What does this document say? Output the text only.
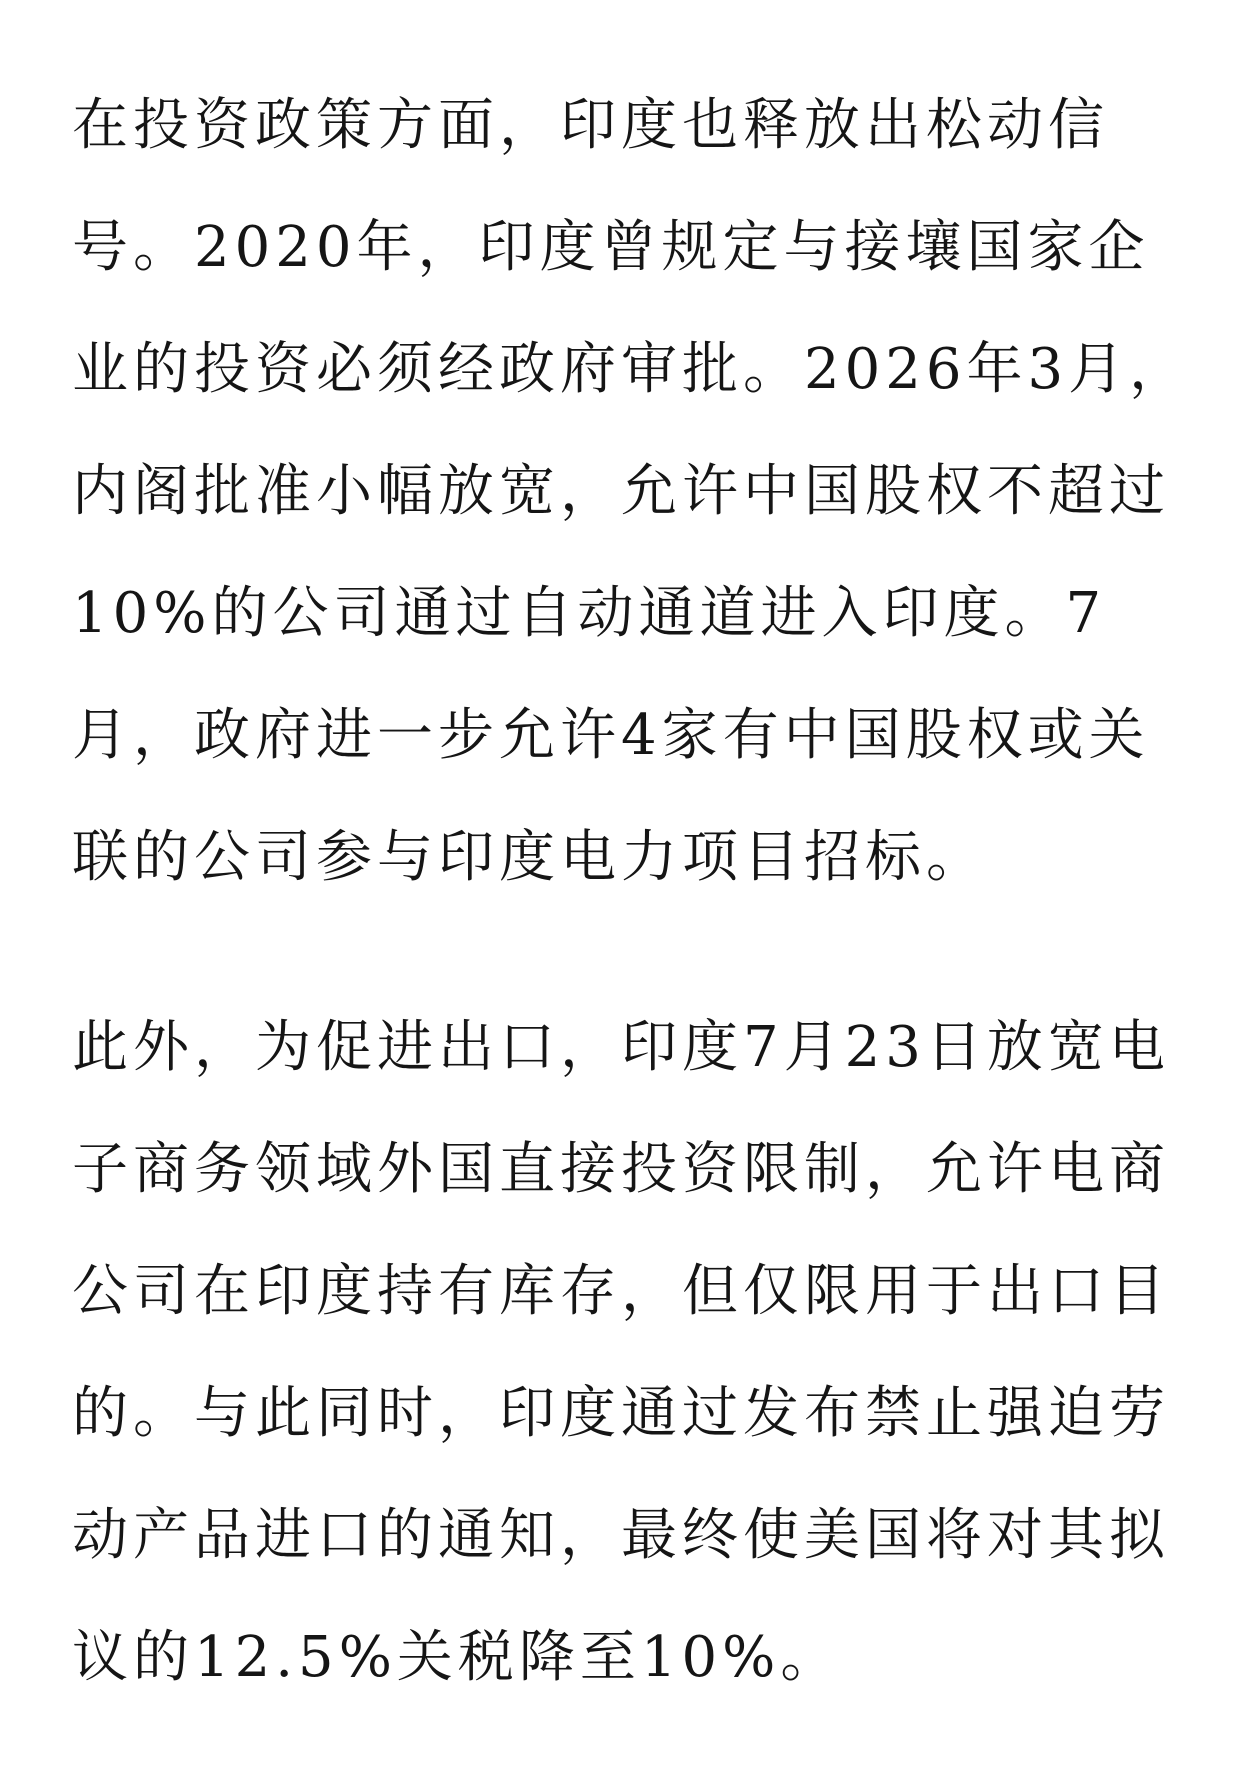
在投资政策方面，印度也释放出松动信
号。2020年，印度曾规定与接壤国家企
业的投资必须经政府审批。2026年3月，
内阁批准小幅放宽，允许中国股权不超过
10%的公司通过自动通道进入印度。7
月，政府进一步允许4家有中国股权或关
联的公司参与印度电力项目招标。
此外，为促进出口，印度7月23日放宽电
子商务领域外国直接投资限制，允许电商
公司在印度持有库存，但仅限用于出口目
的。与此同时，印度通过发布禁止强迫劳
动产品进口的通知，最终使美国将对其拟
议的12.5%关税降至10%。
